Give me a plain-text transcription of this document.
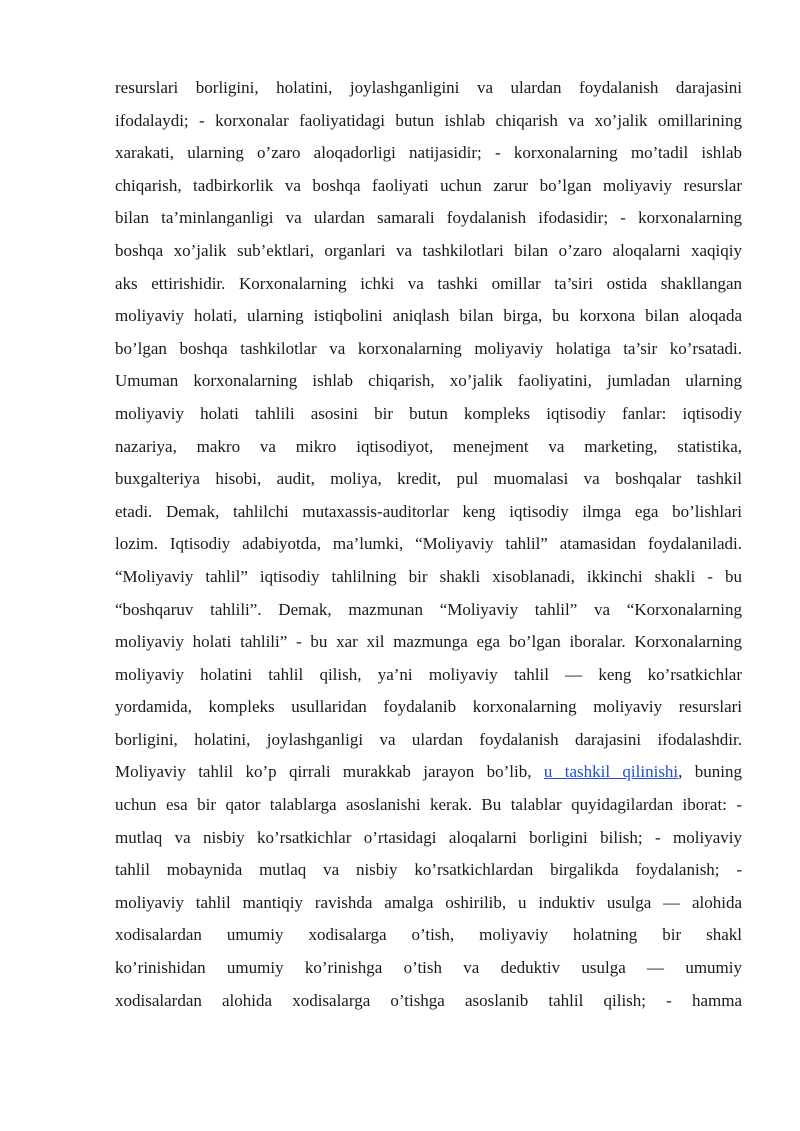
resurslari borligini, holatini, joylashganligini va ulardan foydalanish darajasini
ifodalaydi; - korxonalar faoliyatidagi butun ishlab chiqarish va xo’jalik omillarining
xarakati, ularning o’zaro aloqadorligi natijasidir; - korxonalarning mo’tadil ishlab
chiqarish, tadbirkorlik va boshqa faoliyati uchun zarur bo’lgan moliyaviy resurslar
bilan ta’minlanganligi va ulardan samarali foydalanish ifodasidir; - korxonalarning
boshqa xo’jalik sub’ektlari, organlari va tashkilotlari bilan o’zaro aloqalarni xaqiqiy
aks ettirishidir. Korxonalarning ichki va tashki omillar ta’siri ostida shakllangan
moliyaviy holati, ularning istiqbolini aniqlash bilan birga, bu korxona bilan aloqada
bo’lgan boshqa tashkilotlar va korxonalarning moliyaviy holatiga ta’sir ko’rsatadi.
Umuman korxonalarning ishlab chiqarish, xo’jalik faoliyatini, jumladan ularning
moliyaviy holati tahlili asosini bir butun kompleks iqtisodiy fanlar: iqtisodiy
nazariya, makro va mikro iqtisodiyot, menejment va marketing, statistika,
buxgalteriya hisobi, audit, moliya, kredit, pul muomalasi va boshqalar tashkil
etadi. Demak, tahlilchi mutaxassis-auditorlar keng iqtisodiy ilmga ega bo’lishlari
lozim. Iqtisodiy adabiyotda, ma’lumki, “Moliyaviy tahlil” atamasidan foydalaniladi.
“Moliyaviy tahlil” iqtisodiy tahlilning bir shakli xisoblanadi, ikkinchi shakli - bu
“boshqaruv tahlili”. Demak, mazmunan “Moliyaviy tahlil” va “Korxonalarning
moliyaviy holati tahlili” - bu xar xil mazmunga ega bo’lgan iboralar. Korxonalarning
moliyaviy holatini tahlil qilish, ya’ni moliyaviy tahlil — keng ko’rsatkichlar
yordamida, kompleks usullaridan foydalanib korxonalarning moliyaviy resurslari
borligini, holatini, joylashganligi va ulardan foydalanish darajasini ifodalashdir.
Moliyaviy tahlil ko’p qirrali murakkab jarayon bo’lib, u tashkil qilinishi, buning
uchun esa bir qator talablarga asoslanishi kerak. Bu talablar quyidagilardan iborat: -
mutlaq va nisbiy ko’rsatkichlar o’rtasidagi aloqalarni borligini bilish; - moliyaviy
tahlil mobaynida mutlaq va nisbiy ko’rsatkichlardan birgalikda foydalanish; -
moliyaviy tahlil mantiqiy ravishda amalga oshirilib, u induktiv usulga — alohida
xodisalardan umumiy xodisalarga o’tish, moliyaviy holatning bir shakl
ko’rinishidan umumiy ko’rinishga o’tish va deduktiv usulga — umumiy
xodisalardan alohida xodisalarga o’tishga asoslanib tahlil qilish; - hamma
